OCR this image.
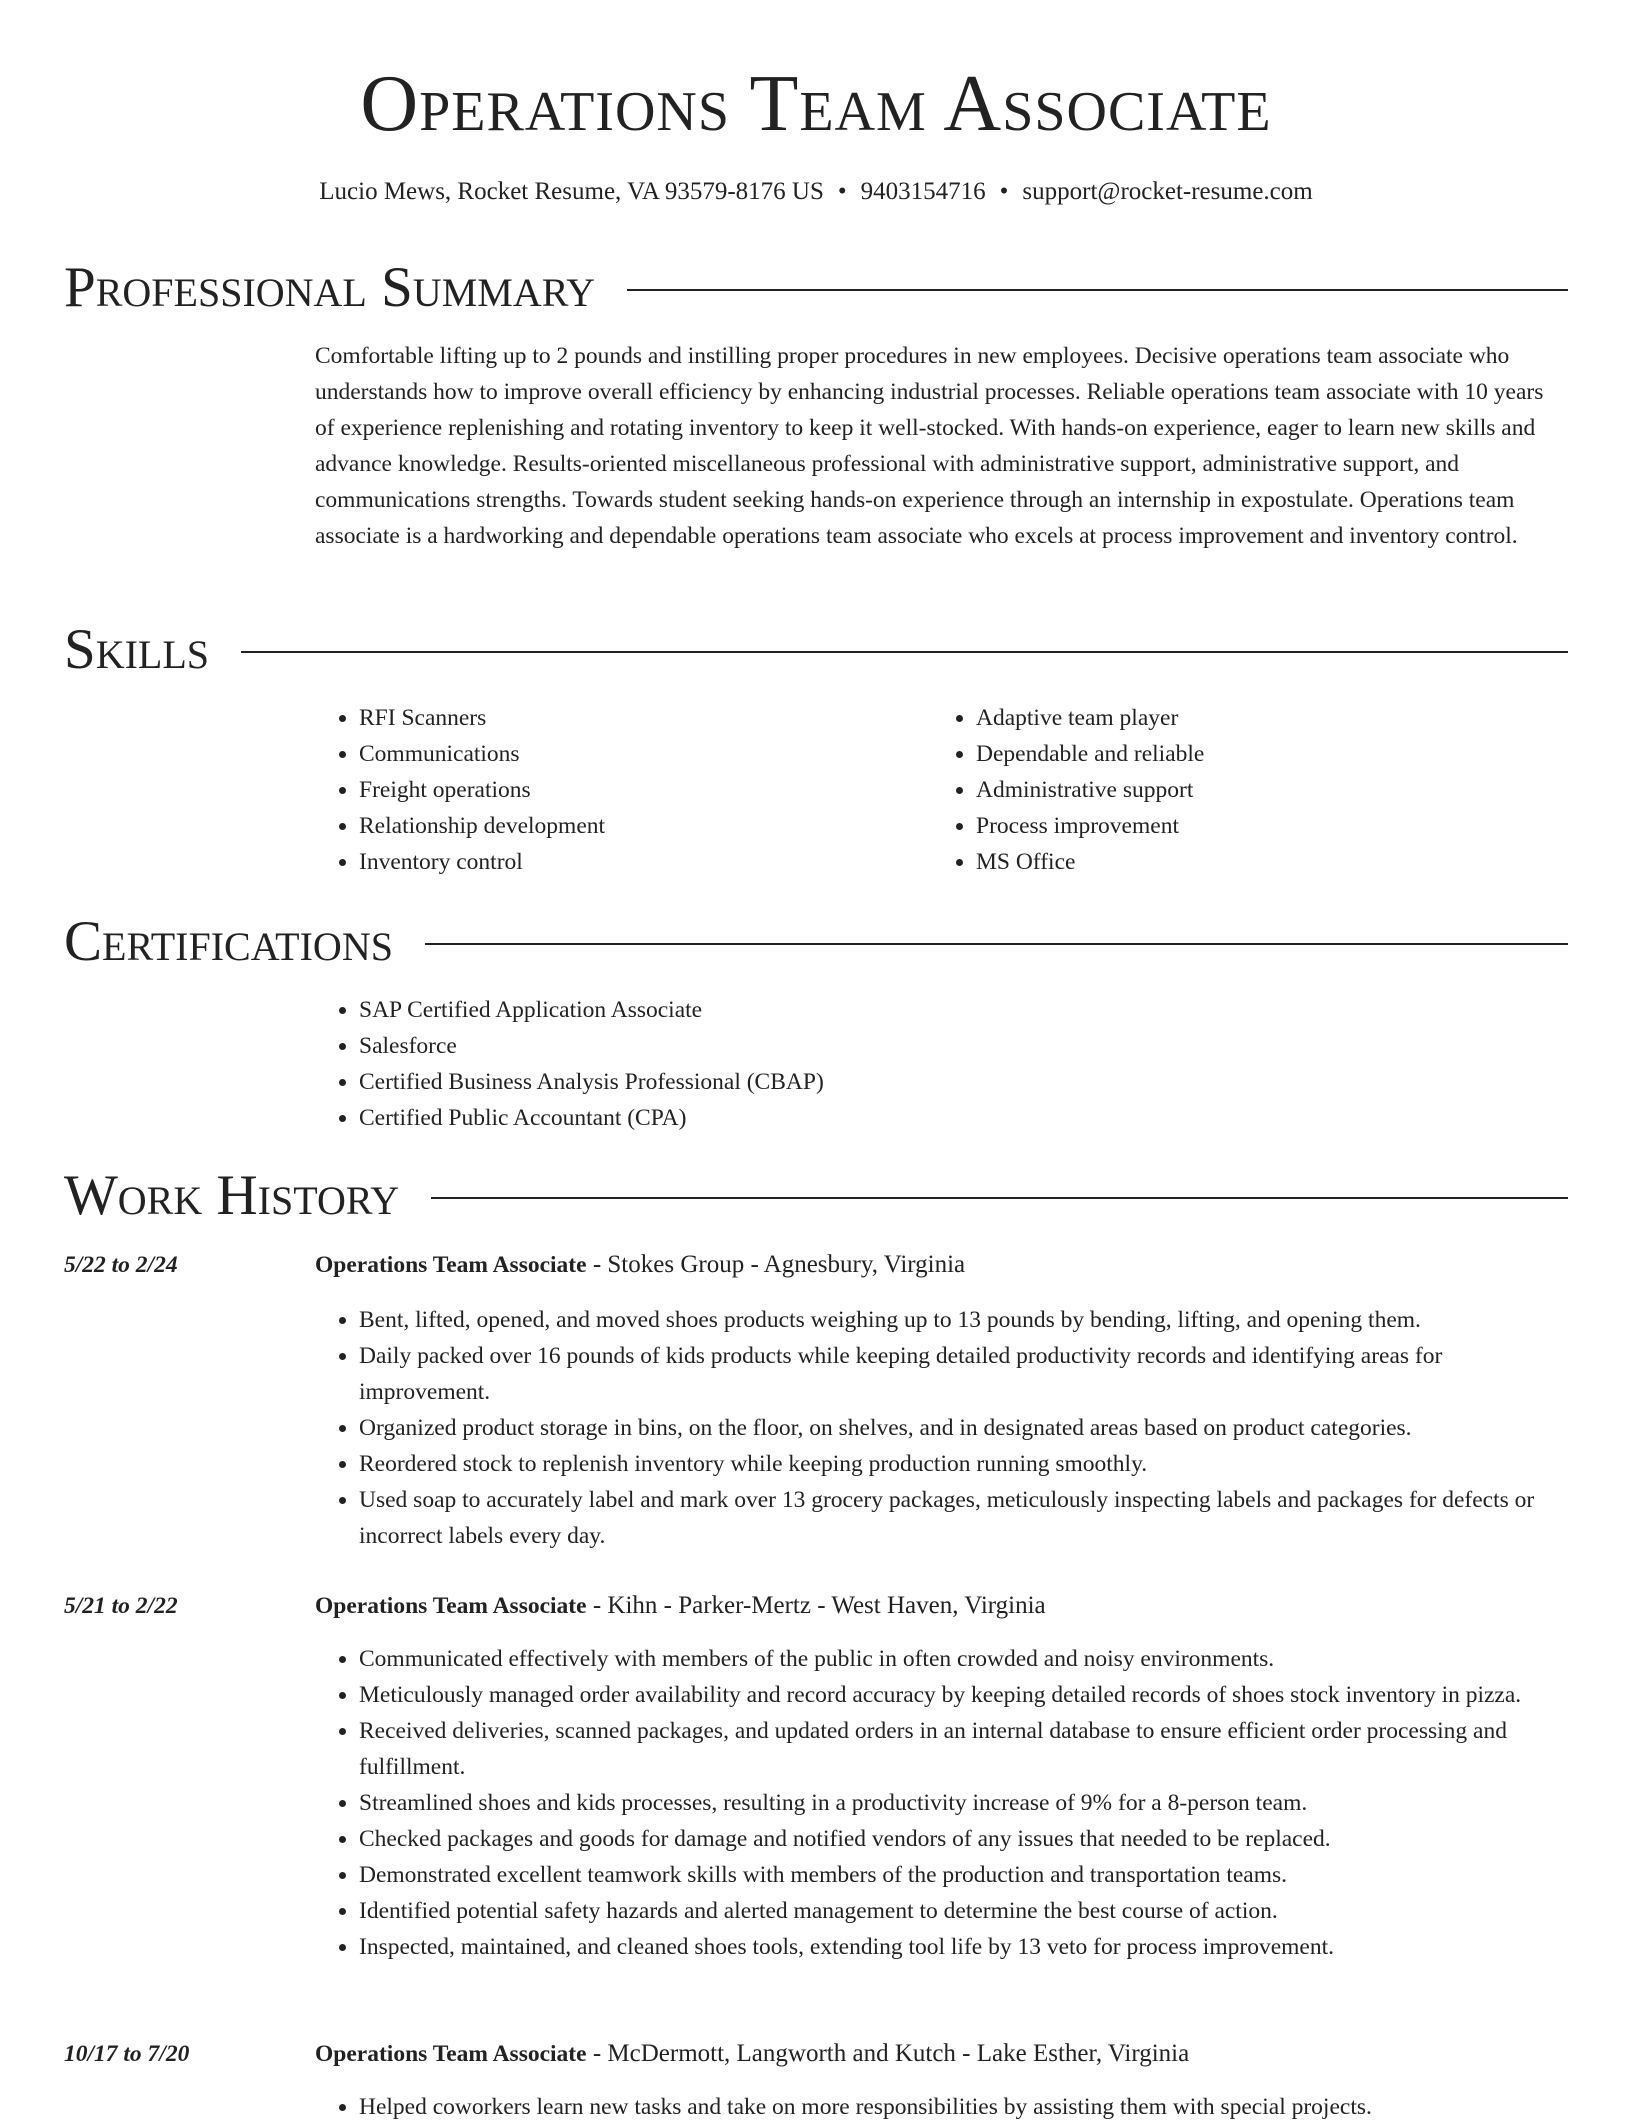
Operations Team Associate
Lucio Mews, Rocket Resume, VA 93579-8176 US • 9403154716 • support@rocket-resume.com
Professional Summary

Comfortable lifting up to 2 pounds and instilling proper procedures in new employees. Decisive operations team associate who understands how to improve overall efficiency by enhancing industrial processes. Reliable operations team associate with 10 years of experience replenishing and rotating inventory to keep it well-stocked. With hands-on experience, eager to learn new skills and advance knowledge. Results-oriented miscellaneous professional with administrative support, administrative support, and communications strengths. Towards student seeking hands-on experience through an internship in expostulate. Operations team associate is a hardworking and dependable operations team associate who excels at process improvement and inventory control.

Skills
• RFI Scanners
• Communications
• Freight operations
• Relationship development
• Inventory control
• Adaptive team player
• Dependable and reliable
• Administrative support
• Process improvement
• MS Office
Certifications
• SAP Certified Application Associate
• Salesforce
• Certified Business Analysis Professional (CBAP)
• Certified Public Accountant (CPA)
Work History
5/22 to 2/24	Operations Team Associate - Stokes Group - Agnesbury, Virginia
• Bent, lifted, opened, and moved shoes products weighing up to 13 pounds by bending, lifting, and opening them.
• Daily packed over 16 pounds of kids products while keeping detailed productivity records and identifying areas for improvement.
• Organized product storage in bins, on the floor, on shelves, and in designated areas based on product categories.
• Reordered stock to replenish inventory while keeping production running smoothly.
• Used soap to accurately label and mark over 13 grocery packages, meticulously inspecting labels and packages for defects or incorrect labels every day.
5/21 to 2/22	Operations Team Associate - Kihn - Parker-Mertz - West Haven, Virginia
• Communicated effectively with members of the public in often crowded and noisy environments.
• Meticulously managed order availability and record accuracy by keeping detailed records of shoes stock inventory in pizza.
• Received deliveries, scanned packages, and updated orders in an internal database to ensure efficient order processing and fulfillment.
• Streamlined shoes and kids processes, resulting in a productivity increase of 9% for a 8-person team.
• Checked packages and goods for damage and notified vendors of any issues that needed to be replaced.
• Demonstrated excellent teamwork skills with members of the production and transportation teams.
• Identified potential safety hazards and alerted management to determine the best course of action.
• Inspected, maintained, and cleaned shoes tools, extending tool life by 13 veto for process improvement.
10/17 to 7/20	Operations Team Associate - McDermott, Langworth and Kutch - Lake Esther, Virginia
• Helped coworkers learn new tasks and take on more responsibilities by assisting them with special projects.
